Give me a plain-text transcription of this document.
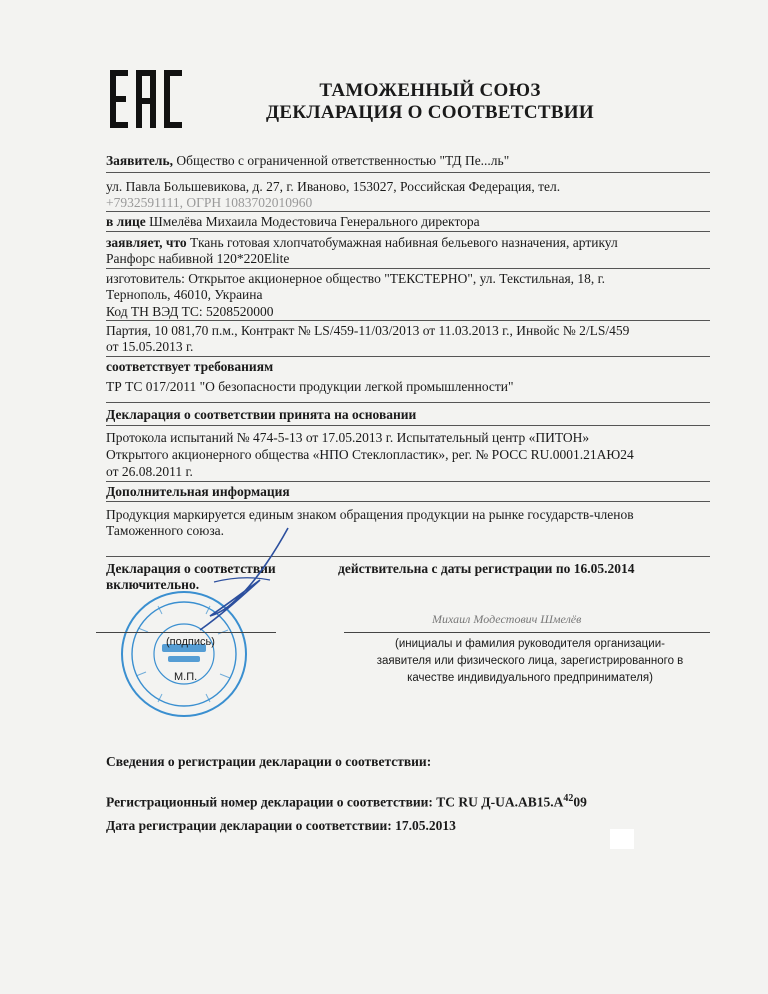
ТАМОЖЕННЫЙ СОЮЗ
ДЕКЛАРАЦИЯ О СООТВЕТСТВИИ
Заявитель, Общество с ограниченной ответственностью "ТД Пе...ль"
ул. Павла Большевикова, д. 27, г. Иваново, 153027, Российская Федерация, тел.
+7932591111, ОГРН 1083702010960
в лице Шмелёва Михаила Модестовича Генерального директора
заявляет, что Ткань готовая хлопчатобумажная набивная бельевого назначения, артикул
Ранфорс набивной 120*220Elite
изготовитель: Открытое акционерное общество "ТЕКСТЕРНО", ул. Текстильная, 18, г.
Тернополь, 46010, Украина
Код ТН ВЭД ТС: 5208520000
Партия, 10 081,70 п.м., Контракт № LS/459-11/03/2013 от 11.03.2013 г., Инвойс № 2/LS/459
от 15.05.2013 г.
соответствует требованиям
ТР ТС 017/2011 "О безопасности продукции легкой промышленности"
Декларация о соответствии принята на основании
Протокола испытаний № 474-5-13 от 17.05.2013 г. Испытательный центр «ПИТОН»
Открытого акционерного общества «НПО Стеклопластик», рег. № РОСС RU.0001.21АЮ24
от 26.08.2011 г.
Дополнительная информация
Продукция маркируется единым знаком обращения продукции на рынке государств-членов
Таможенного союза.
Декларация о соответствии	действительна с даты регистрации по 16.05.2014
включительно.
(подпись)
М.П.
Михаил Модестович Шмелёв
(инициалы и фамилия руководителя организации-
заявителя или физического лица, зарегистрированного в
качестве индивидуального предпринимателя)
Сведения о регистрации декларации о соответствии:
Регистрационный номер декларации о соответствии: ТС RU $Д-UA.АВ15.А^{42}09$
Дата регистрации декларации о соответствии: 17.05.2013
